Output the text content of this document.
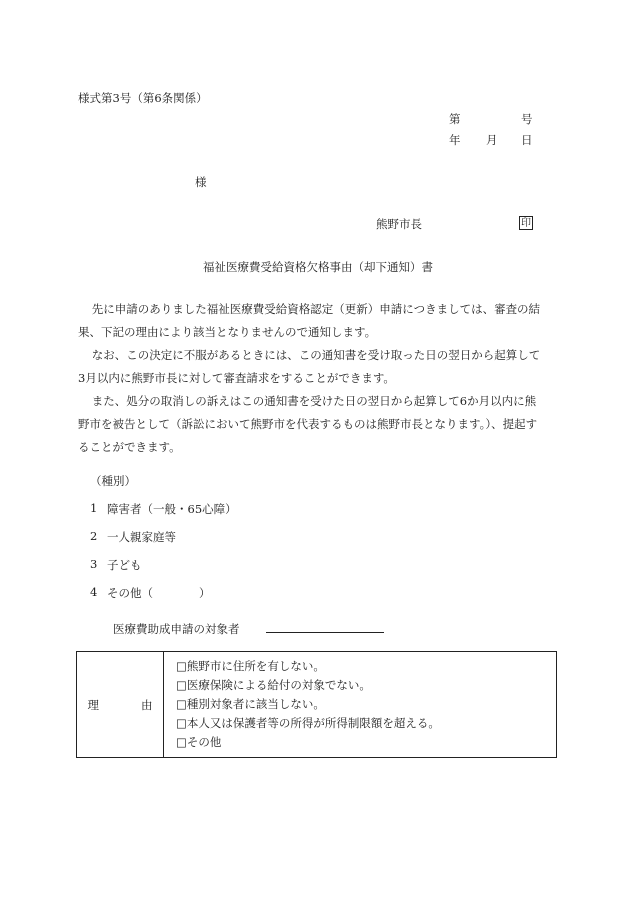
様式第3号（第6条関係）
第	号
年 月 日
様
熊野市長	印
福祉医療費受給資格欠格事由（却下通知）書
先に申請のありました福祉医療費受給資格認定（更新）申請につきましては、審査の結
果、下記の理由により該当となりませんので通知します。
なお、この決定に不服があるときには、この通知書を受け取った日の翌日から起算して
3月以内に熊野市長に対して審査請求をすることができます。
また、処分の取消しの訴えはこの通知書を受けた日の翌日から起算して6か月以内に熊
野市を被告として（訴訟において熊野市を代表するものは熊野市長となります。）、提起す
ることができます。
（種別）
1 障害者（一般・65心障）
2 一人親家庭等
3 子ども
4 その他（　　　　）
医療費助成申請の対象者
理	由	
□熊野市に住所を有しない。
□医療保険による給付の対象でない。
□種別対象者に該当しない。
□本人又は保護者等の所得が所得制限額を超える。
□その他
